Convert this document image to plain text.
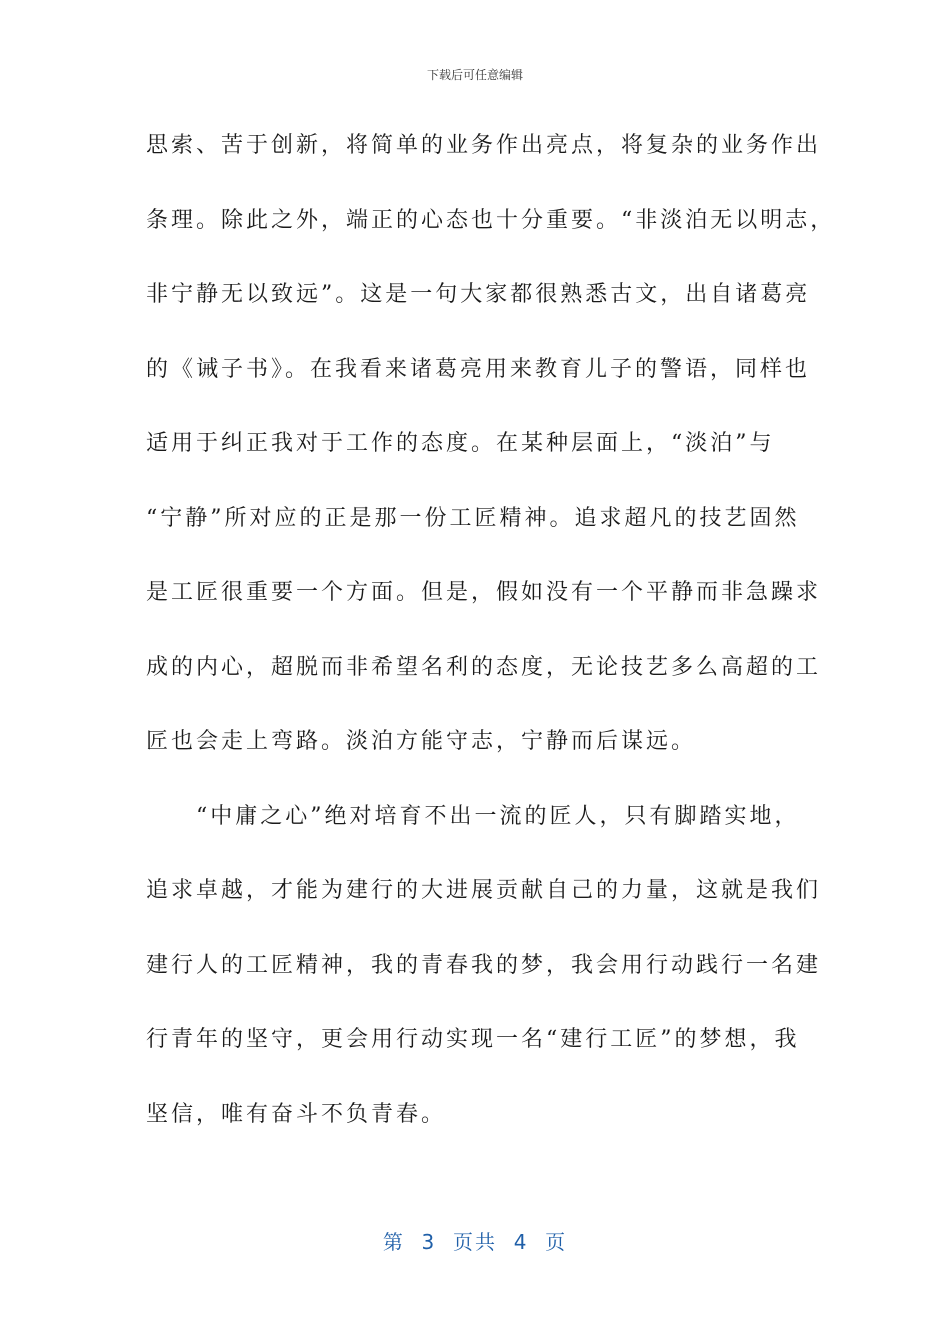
下载后可任意编辑
思索、苦于创新，将简单的业务作出亮点，将复杂的业务作出
条理。除此之外，端正的心态也十分重要。“非淡泊无以明志，
非宁静无以致远”。这是一句大家都很熟悉古文，出自诸葛亮
的《诫子书》。在我看来诸葛亮用来教育儿子的警语，同样也
适用于纠正我对于工作的态度。在某种层面上，“淡泊”与
“宁静”所对应的正是那一份工匠精神。追求超凡的技艺固然
是工匠很重要一个方面。但是，假如没有一个平静而非急躁求
成的内心，超脱而非希望名利的态度，无论技艺多么高超的工
匠也会走上弯路。淡泊方能守志，宁静而后谋远。
“中庸之心”绝对培育不出一流的匠人，只有脚踏实地，
追求卓越，才能为建行的大进展贡献自己的力量，这就是我们
建行人的工匠精神，我的青春我的梦，我会用行动践行一名建
行青年的坚守，更会用行动实现一名“建行工匠”的梦想，我
坚信，唯有奋斗不负青春。
第  3  页共  4  页
